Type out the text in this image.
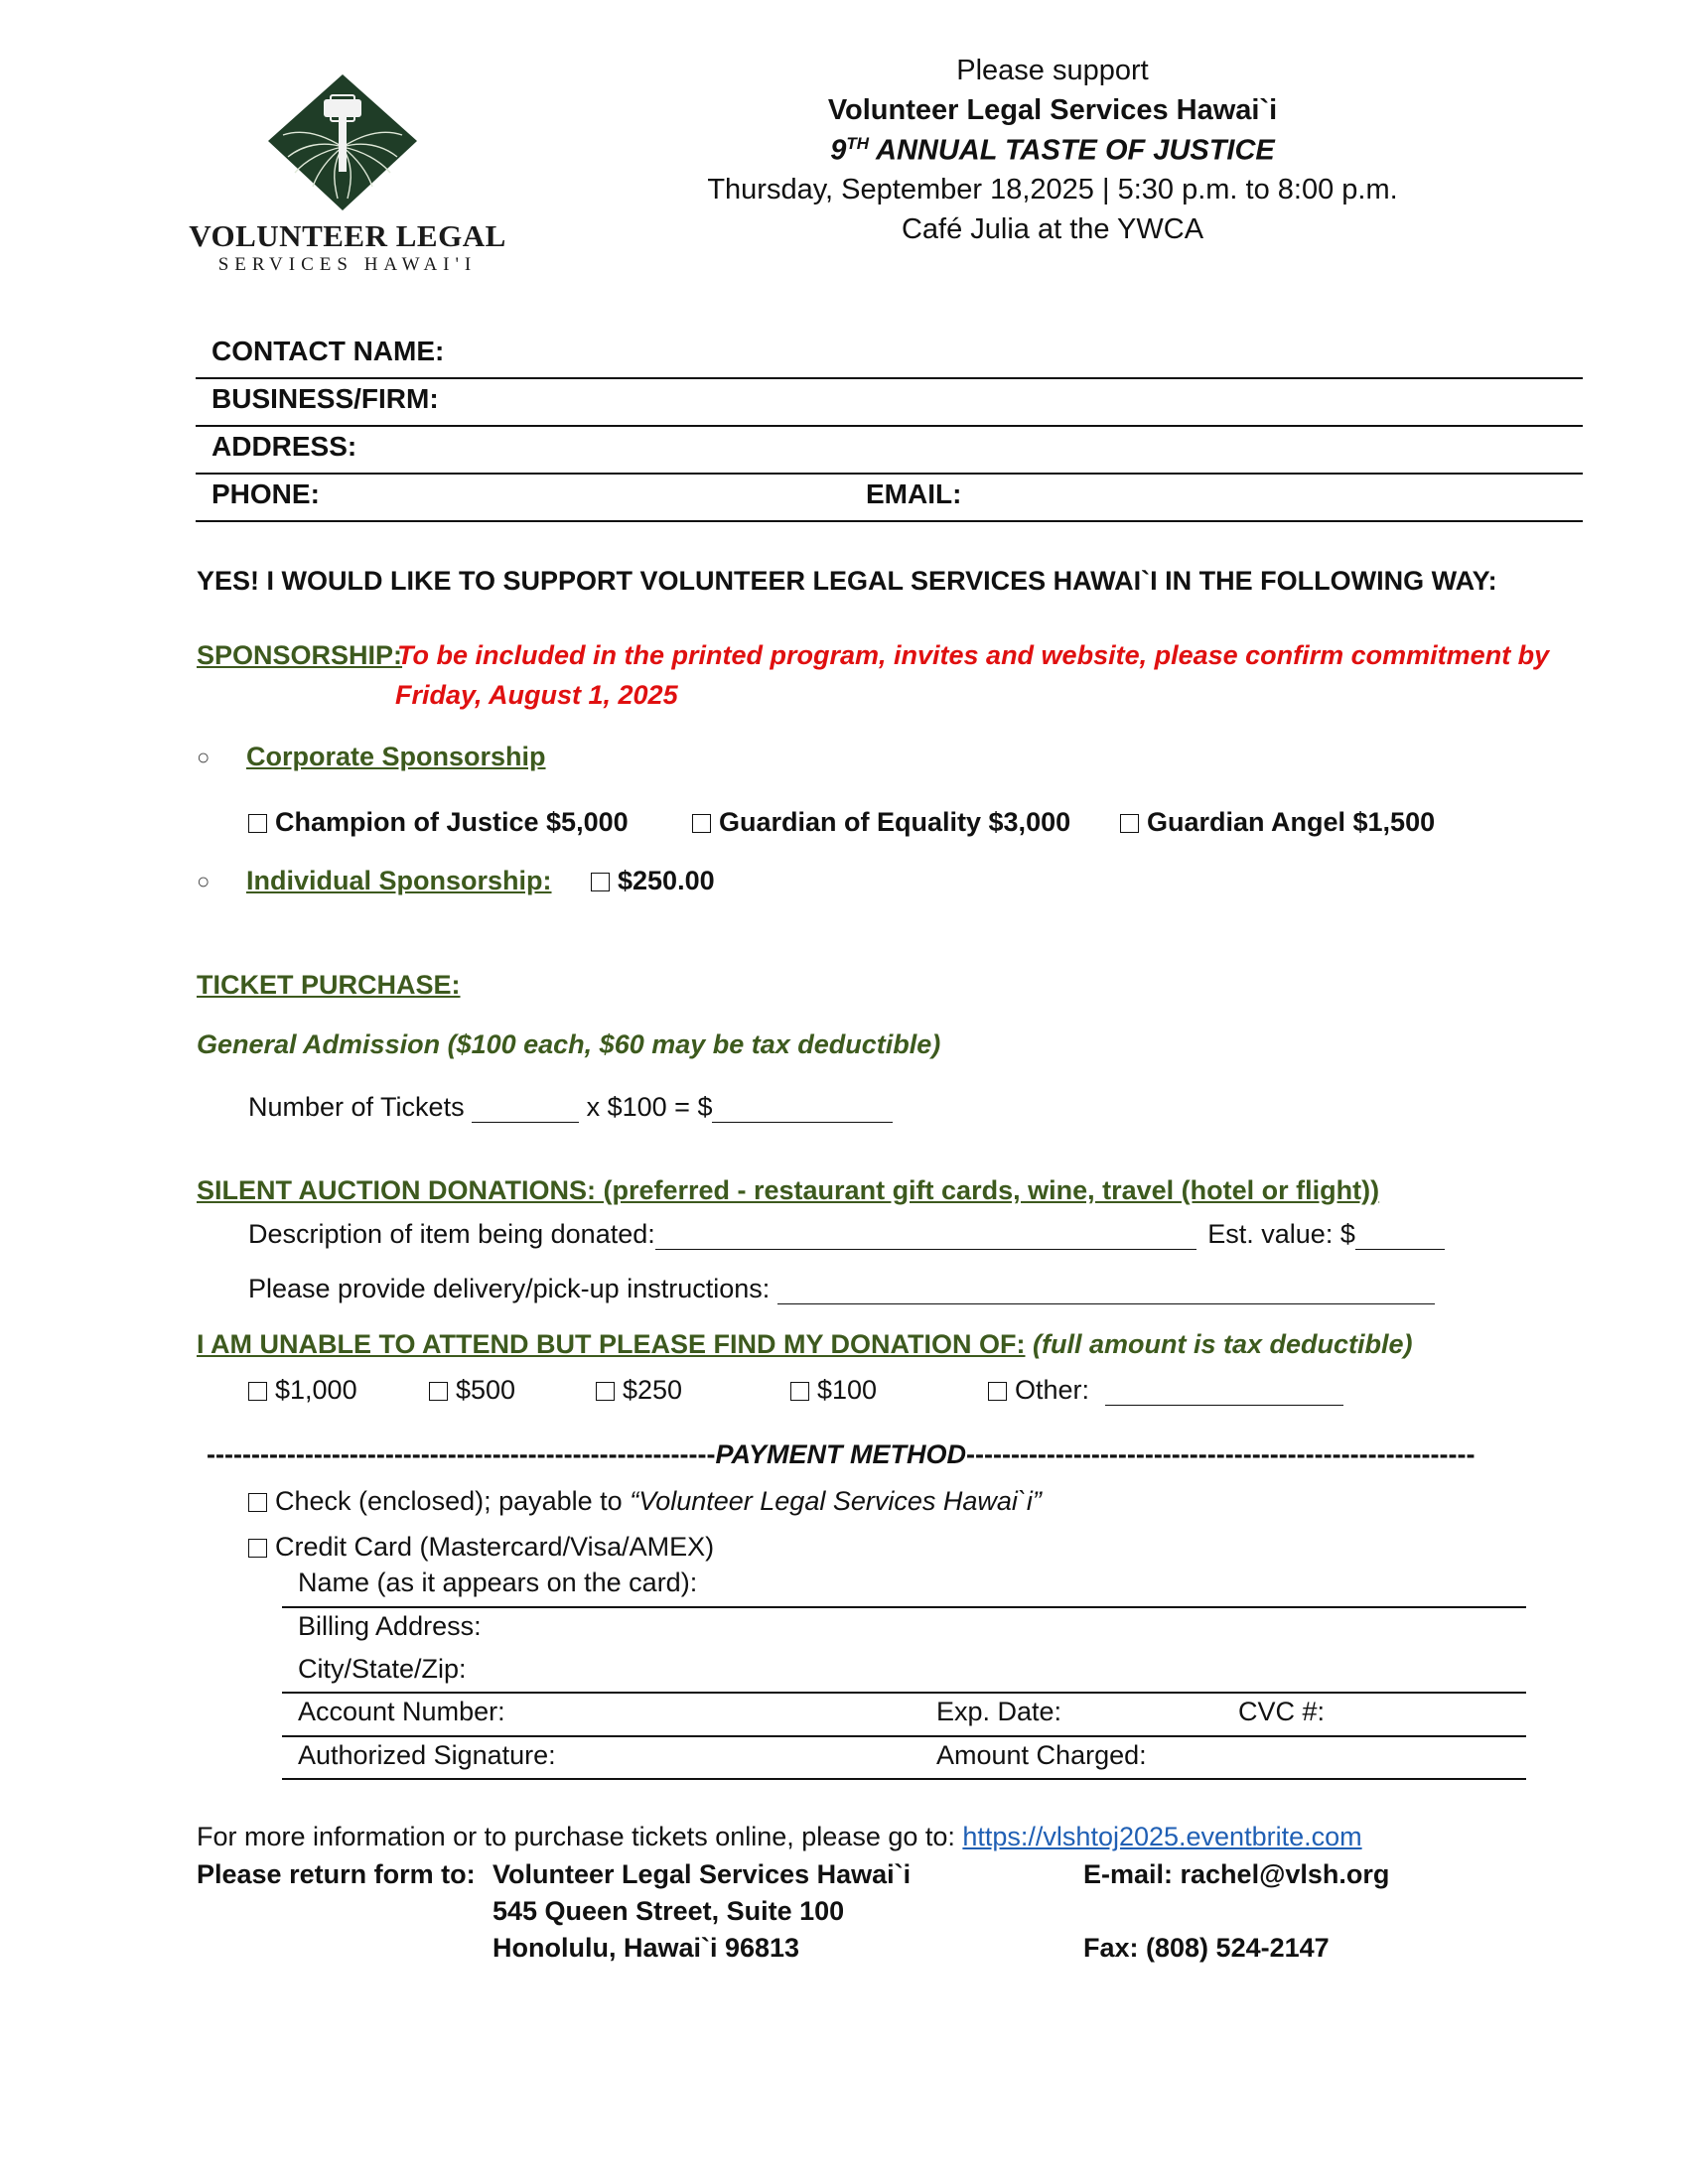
VOLUNTEER LEGAL
SERVICES HAWAI'I
Please support
Volunteer Legal Services Hawai`i
9TH ANNUAL TASTE OF JUSTICE
Thursday, September 18,2025 | 5:30 p.m. to 8:00 p.m.
Café Julia at the YWCA
CONTACT NAME:
BUSINESS/FIRM:
ADDRESS:
PHONE:	EMAIL:
YES! I WOULD LIKE TO SUPPORT VOLUNTEER LEGAL SERVICES HAWAI`I IN THE FOLLOWING WAY:
SPONSORSHIP:
To be included in the printed program, invites and website, please confirm commitment by
Friday, August 1, 2025
○ Corporate Sponsorship
Champion of Justice $5,000	Guardian of Equality $3,000	Guardian Angel $1,500
○ Individual Sponsorship:	$250.00
TICKET PURCHASE:
General Admission ($100 each, $60 may be tax deductible)
Number of Tickets	x $100 = $
SILENT AUCTION DONATIONS: (preferred - restaurant gift cards, wine, travel (hotel or flight))
Description of item being donated:	Est. value: $
Please provide delivery/pick-up instructions:
I AM UNABLE TO ATTEND BUT PLEASE FIND MY DONATION OF: (full amount is tax deductible)
$1,000	$500	$250	$100	Other:
---------------------------------------------------------PAYMENT METHOD---------------------------------------------------------
Check (enclosed); payable to “Volunteer Legal Services Hawai`i”
Credit Card (Mastercard/Visa/AMEX)
Name (as it appears on the card):
Billing Address:
City/State/Zip:
Account Number:	Exp. Date:	CVC #:
Authorized Signature:	Amount Charged:
For more information or to purchase tickets online, please go to: https://vlshtoj2025.eventbrite.com
Please return form to: Volunteer Legal Services Hawai`i
545 Queen Street, Suite 100
Honolulu, Hawai`i 96813
E-mail: rachel@vlsh.org
Fax: (808) 524-2147
